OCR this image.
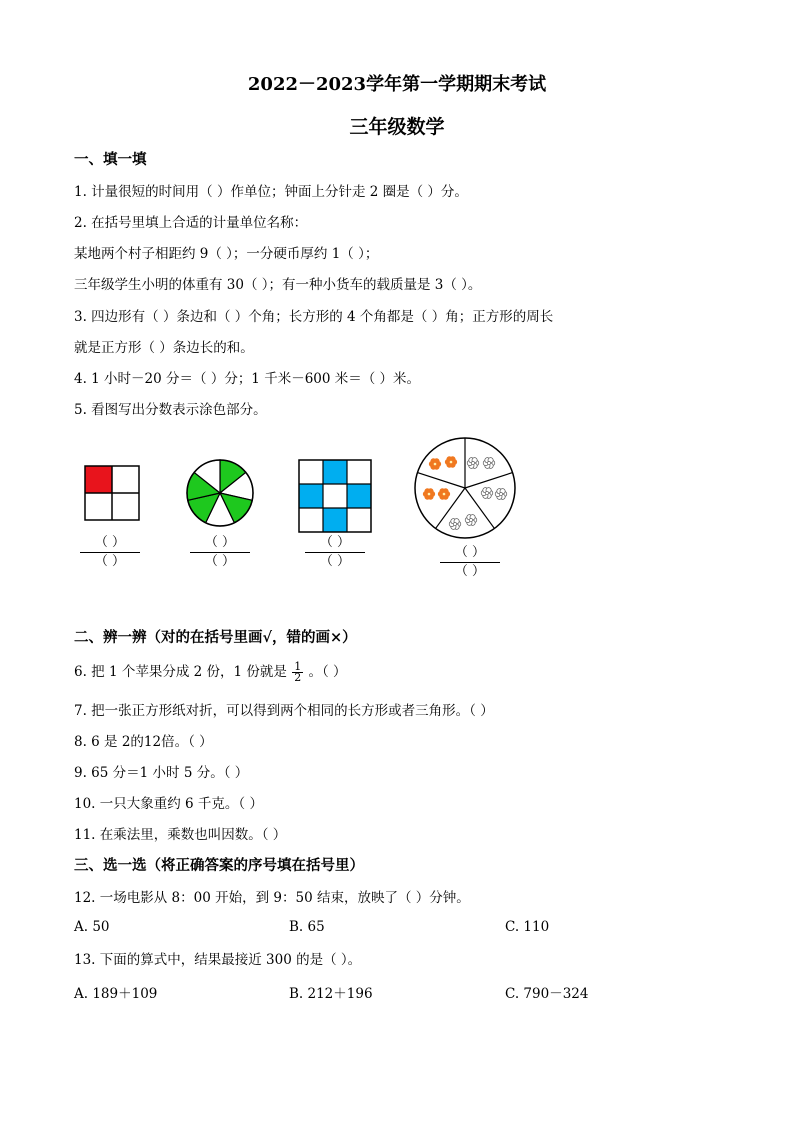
2022－2023学年第一学期期末考试
三年级数学
一、填一填
1. 计量很短的时间用（ ）作单位；钟面上分针走 2 圈是（ ）分。
2. 在括号里填上合适的计量单位名称：
某地两个村子相距约 9（ ）；一分硬币厚约 1（ ）；
三年级学生小明的体重有 30（ ）；有一种小货车的载质量是 3（ ）。
3. 四边形有（ ）条边和（ ）个角；长方形的 4 个角都是（ ）角；正方形的周长
就是正方形（ ）条边长的和。
4. 1 小时－20 分＝（ ）分；1 千米－600 米＝（ ）米。
5. 看图写出分数表示涂色部分。
（ ）
（ ）
（ ）
（ ）
（ ）
（ ）
（ ）
（ ）
二、辨一辨（对的在括号里画√，错的画×）
6. 把 1 个苹果分成 2 份，1 份就是 $\frac{1}{2}$ 。（ ）
7. 把一张正方形纸对折，可以得到两个相同的长方形或者三角形。（ ）
8. 6 是 2的12倍。（ ）
9. 65 分＝1 小时 5 分。（ ）
10. 一只大象重约 6 千克。（ ）
11. 在乘法里，乘数也叫因数。（ ）
三、选一选（将正确答案的序号填在括号里）
12. 一场电影从 8：00 开始，到 9：50 结束，放映了（ ）分钟。
A. 50	B. 65	C. 110
13. 下面的算式中，结果最接近 300 的是（ ）。
A. 189＋109	B. 212＋196	C. 790－324
